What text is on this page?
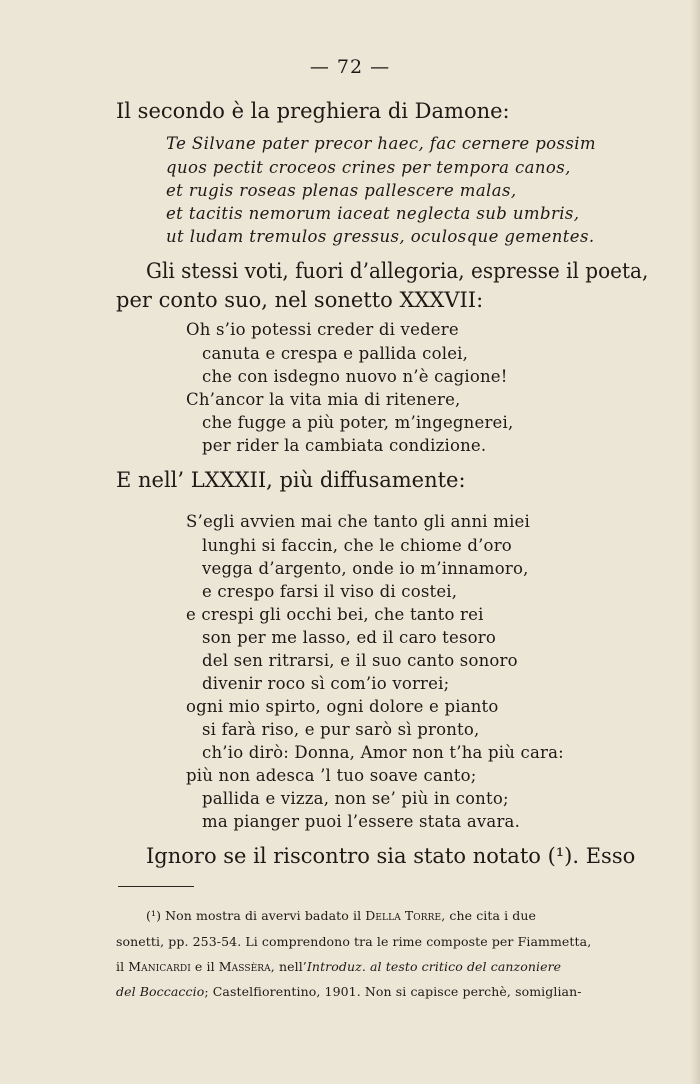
— 72 —
Il secondo è la preghiera di Damone:
Te Silvane pater precor haec, fac cernere possim
quos pectit croceos crines per tempora canos,
et rugis roseas plenas pallescere malas,
et tacitis nemorum iaceat neglecta sub umbris,
ut ludam tremulos gressus, oculosque gementes.
Gli stessi voti, fuori d’allegoria, espresse il poeta,
per conto suo, nel sonetto XXXVII:
Oh s’io potessi creder di vedere
canuta e crespa e pallida colei,
che con isdegno nuovo n’è cagione!
Ch’ancor la vita mia di ritenere,
che fugge a più poter, m’ingegnerei,
per rider la cambiata condizione.
E nell’ LXXXII, più diffusamente:
S’egli avvien mai che tanto gli anni miei
lunghi si faccin, che le chiome d’oro
vegga d’argento, onde io m’innamoro,
e crespo farsi il viso di costei,
e crespi gli occhi bei, che tanto rei
son per me lasso, ed il caro tesoro
del sen ritrarsi, e il suo canto sonoro
divenir roco sì com’io vorrei;
ogni mio spirto, ogni dolore e pianto
si farà riso, e pur sarò sì pronto,
ch’io dirò: Donna, Amor non t’ha più cara:
più non adesca ’l tuo soave canto;
pallida e vizza, non se’ più in conto;
ma pianger puoi l’essere stata avara.
Ignoro se il riscontro sia stato notato (¹). Esso
(¹) Non mostra di avervi badato il Della Torre, che cita i due
sonetti, pp. 253-54. Li comprendono tra le rime composte per Fiammetta,
il Manicardi e il Massèra, nell’Introduz. al testo critico del canzoniere
del Boccaccio; Castelfiorentino, 1901. Non si capisce perchè, somiglian-
